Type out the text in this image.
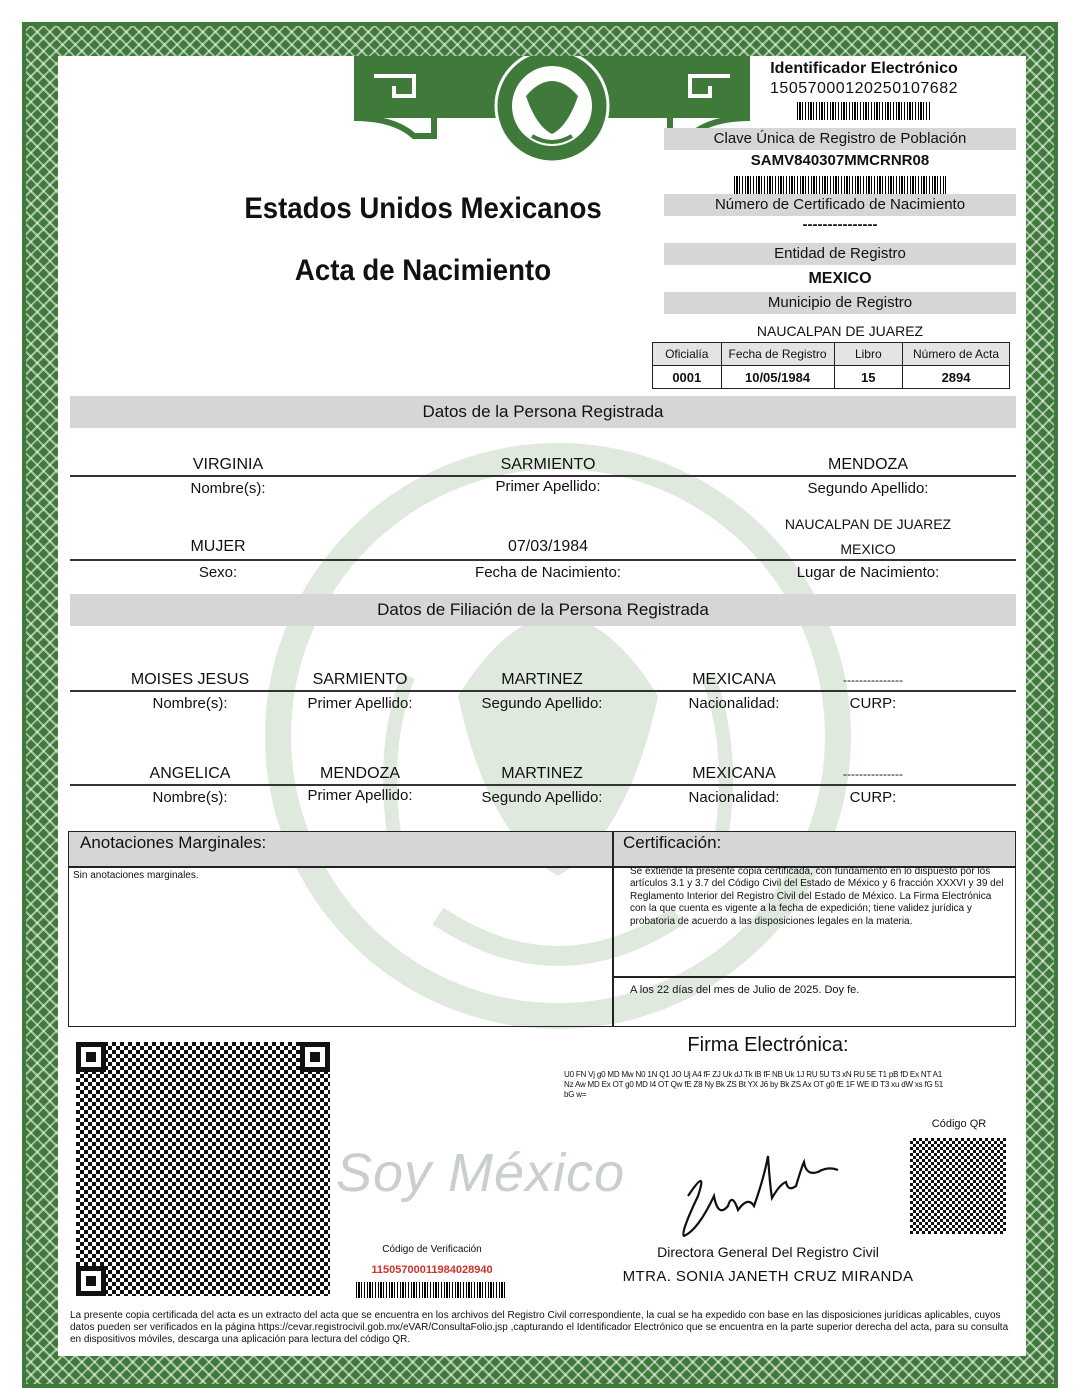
Estados Unidos Mexicanos
Acta de Nacimiento
Identificador Electrónico
15057000120250107682
Clave Única de Registro de Población
SAMV840307MMCRNR08
Número de Certificado de Nacimiento
---------------
Entidad de Registro
MEXICO
Municipio de Registro
NAUCALPAN DE JUAREZ
Oficialía	Fecha de Registro	Libro	Número de Acta
0001	10/05/1984	15	2894
Datos de la Persona Registrada
VIRGINIA	SARMIENTO	MENDOZA
Nombre(s):	Primer Apellido:	Segundo Apellido:
NAUCALPAN DE JUAREZ
MUJER	07/03/1984	MEXICO
Sexo:	Fecha de Nacimiento:	Lugar de Nacimiento:
Datos de Filiación de la Persona Registrada
MOISES JESUS	SARMIENTO	MARTINEZ	MEXICANA	---------------
Nombre(s):	Primer Apellido:	Segundo Apellido:	Nacionalidad:	CURP:
ANGELICA	MENDOZA	MARTINEZ	MEXICANA	---------------
Nombre(s):	Primer Apellido:	Segundo Apellido:	Nacionalidad:	CURP:
Anotaciones Marginales:	Certificación:
Sin anotaciones marginales.	Se extiende la presente copia certificada, con fundamento en lo dispuesto por los artículos 3.1 y 3.7 del Código Civil del Estado de México y 6 fracción XXXVI y 39 del Reglamento Interior del Registro Civil del Estado de México. La Firma Electrónica con la que cuenta es vigente a la fecha de expedición; tiene validez jurídica y probatoria de acuerdo a las disposiciones legales en la materia.
A los 22 días del mes de Julio de 2025. Doy fe.
Soy México
Código de Verificación
115057000119840289​40
Firma Electrónica:
U0 FN Vj g0 MD Mw N0 1N Q1 JO Uj A4 fF ZJ Uk dJ Tk lB fF NB Uk 1J RU 5U T3 xN RU 5E T1 pB fD Ex NT A1 Nz Aw MD Ex OT g0 MD I4 OT Qw fE Z8 Ny Bk ZS Bt YX J6 by Bk ZS Ax OT g0 fE 1F WE lD T3 xu dW xs fG 51 bG w=
Código QR
Directora General Del Registro Civil
MTRA. SONIA JANETH CRUZ MIRANDA
La presente copia certificada del acta es un extracto del acta que se encuentra en los archivos del Registro Civil correspondiente, la cual se ha expedido con base en las disposiciones jurídicas aplicables, cuyos datos pueden ser verificados en la página https://cevar.registrocivil.gob.mx/eVAR/ConsultaFolio.jsp ,capturando el Identificador Electrónico que se encuentra en la parte superior derecha del acta, para su consulta en dispositivos móviles, descarga una aplicación para lectura del código QR.
